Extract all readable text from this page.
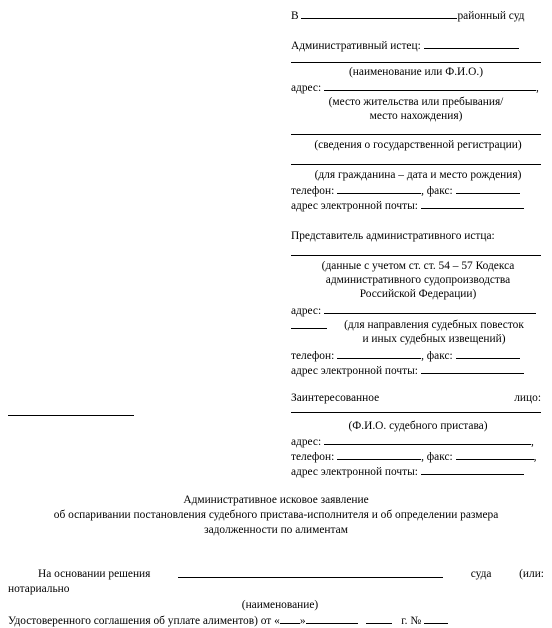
В	районный суд
Административный истец:
(наименование или Ф.И.О.)
адрес:	,
(место жительства или пребывания/
место нахождения)
(сведения о государственной регистрации)
(для гражданина – дата и место рождения)
телефон:	, факс:
адрес электронной почты:
Представитель административного истца:
(данные с учетом ст. ст. 54 – 57 Кодекса
административного судопроизводства
Российской Федерации)
адрес:
(для направления судебных повесток
и иных судебных извещений)
телефон:	, факс:
адрес электронной почты:
Заинтересованное	лицо:
(Ф.И.О. судебного пристава)
адрес:	,
телефон:	, факс:	,
адрес электронной почты:
Административное исковое заявление
об оспаривании постановления судебного пристава-исполнителя и об определении размера
задолженности по алиментам
На основании решения	суда (или:
нотариально
(наименование)
Удостоверенного соглашения об уплате алиментов) от « »	г. №
